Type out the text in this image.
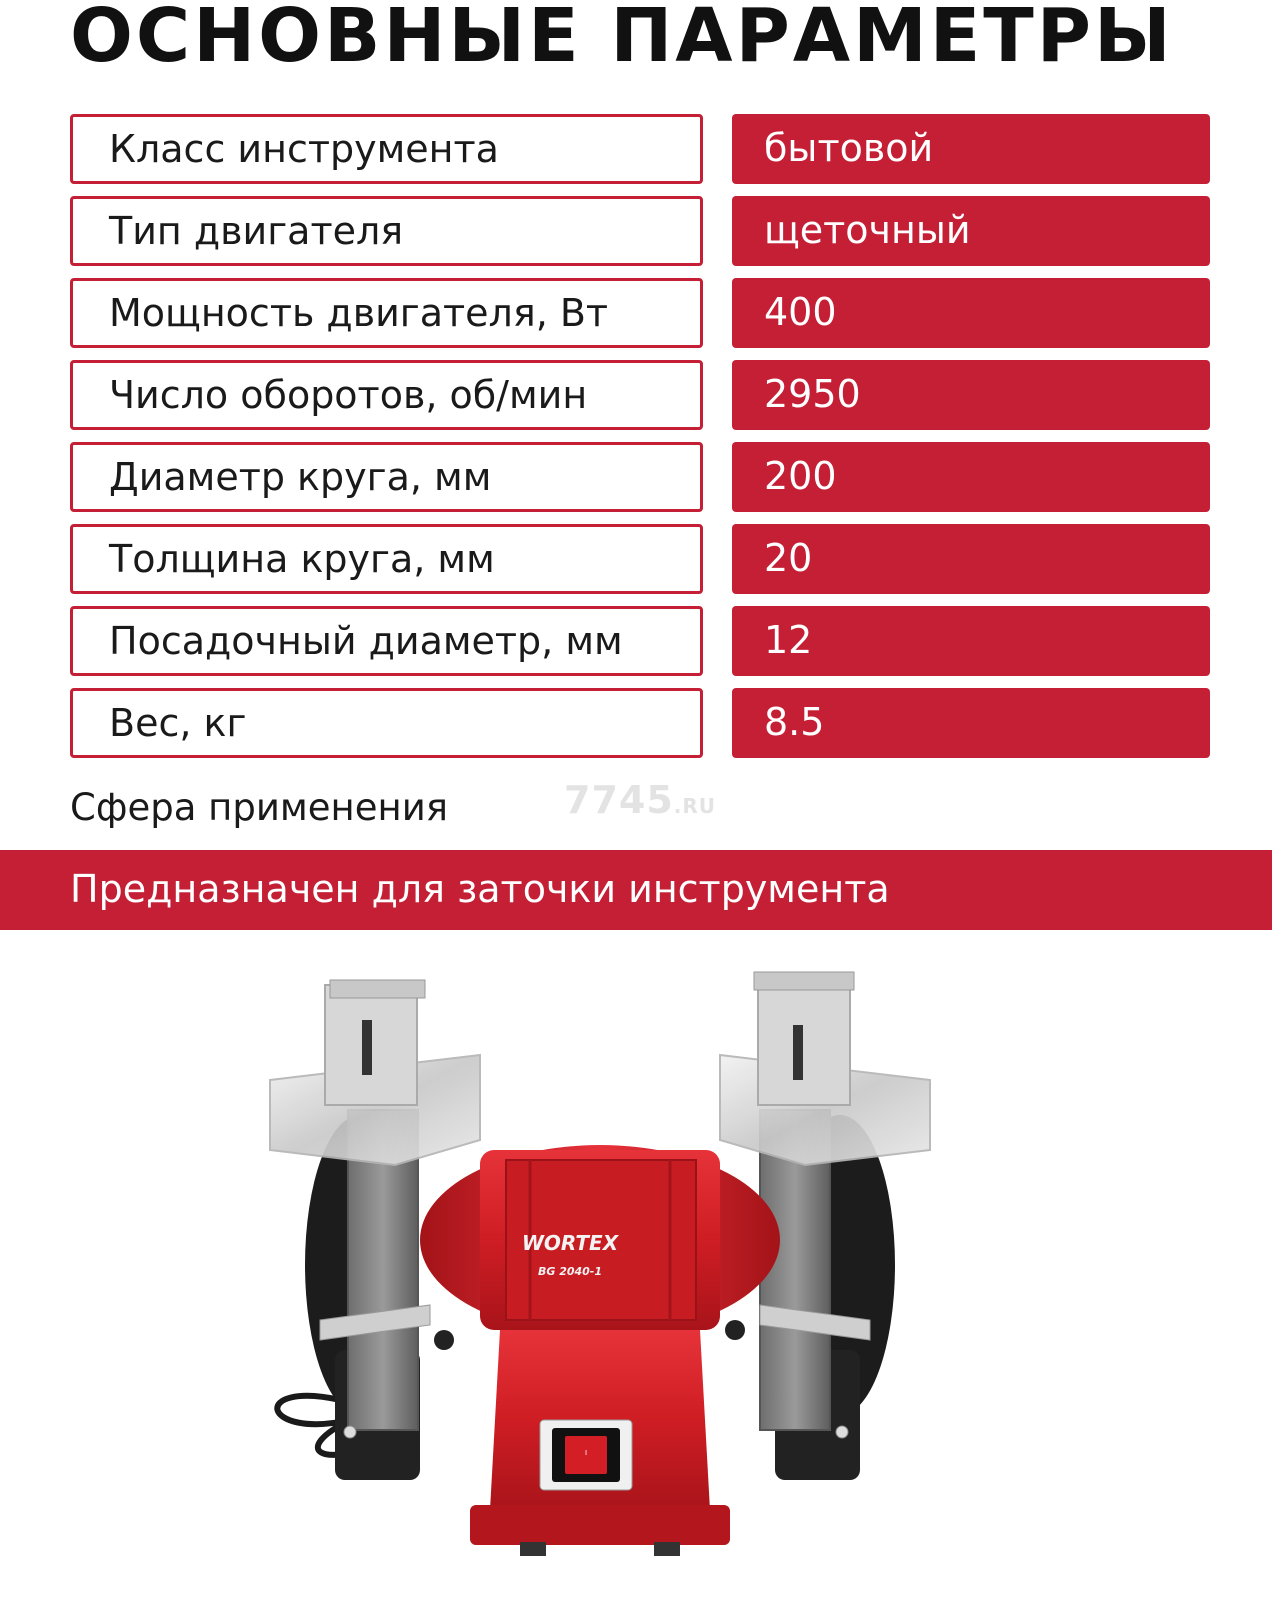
ОСНОВНЫЕ ПАРАМЕТРЫ
Класс инструмента	бытовой
Тип двигателя	щеточный
Мощность двигателя, Вт	400
Число оборотов, об/мин	2950
Диаметр круга, мм	200
Толщина круга, мм	20
Посадочный диаметр, мм	12
Вес, кг	8.5
7745.RU
Сфера применения
Предназначен для заточки инструмента
I
WORTEX
BG 2040-1
